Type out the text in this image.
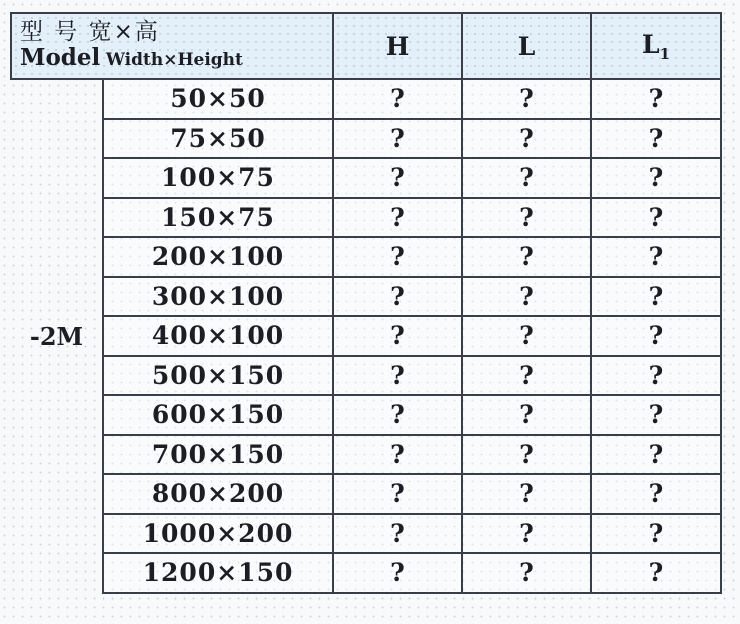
型 号 宽×高
Model Width×Height		H	L	$L_1$
-2M	50×50	?	?	?
	75×50	?	?	?
	100×75	?	?	?
	150×75	?	?	?
	200×100	?	?	?
	300×100	?	?	?
	400×100	?	?	?
	500×150	?	?	?
	600×150	?	?	?
	700×150	?	?	?
	800×200	?	?	?
	1000×200	?	?	?
	1200×150	?	?	?
